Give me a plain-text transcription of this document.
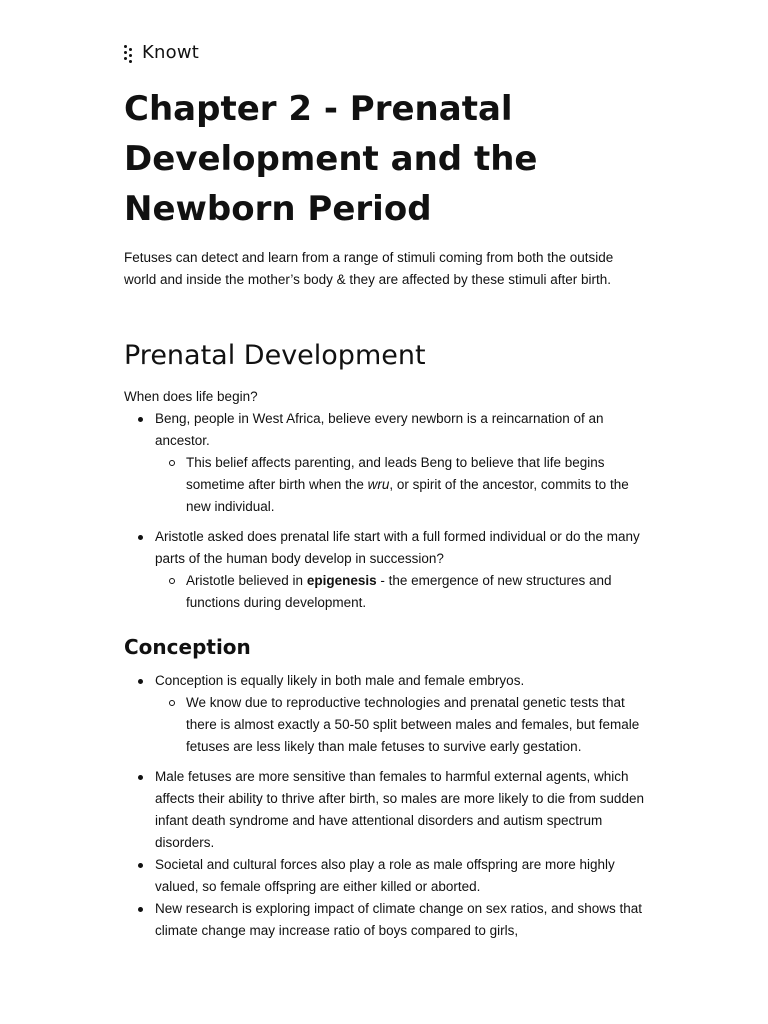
Knowt
Chapter 2 - Prenatal Development and the Newborn Period

Fetuses can detect and learn from a range of stimuli coming from both the outside world and inside the mother’s body & they are affected by these stimuli after birth.

Prenatal Development

When does life begin?

Beng, people in West Africa, believe every newborn is a reincarnation of an ancestor.
This belief affects parenting, and leads Beng to believe that life begins sometime after birth when the wru, or spirit of the ancestor, commits to the new individual.
Aristotle asked does prenatal life start with a full formed individual or do the many parts of the human body develop in succession?
Aristotle believed in epigenesis - the emergence of new structures and functions during development.
Conception
Conception is equally likely in both male and female embryos.
We know due to reproductive technologies and prenatal genetic tests that there is almost exactly a 50-50 split between males and females, but female fetuses are less likely than male fetuses to survive early gestation.
Male fetuses are more sensitive than females to harmful external agents, which affects their ability to thrive after birth, so males are more likely to die from sudden infant death syndrome and have attentional disorders and autism spectrum disorders.
Societal and cultural forces also play a role as male offspring are more highly valued, so female offspring are either killed or aborted.
New research is exploring impact of climate change on sex ratios, and shows that climate change may increase ratio of boys compared to girls,
